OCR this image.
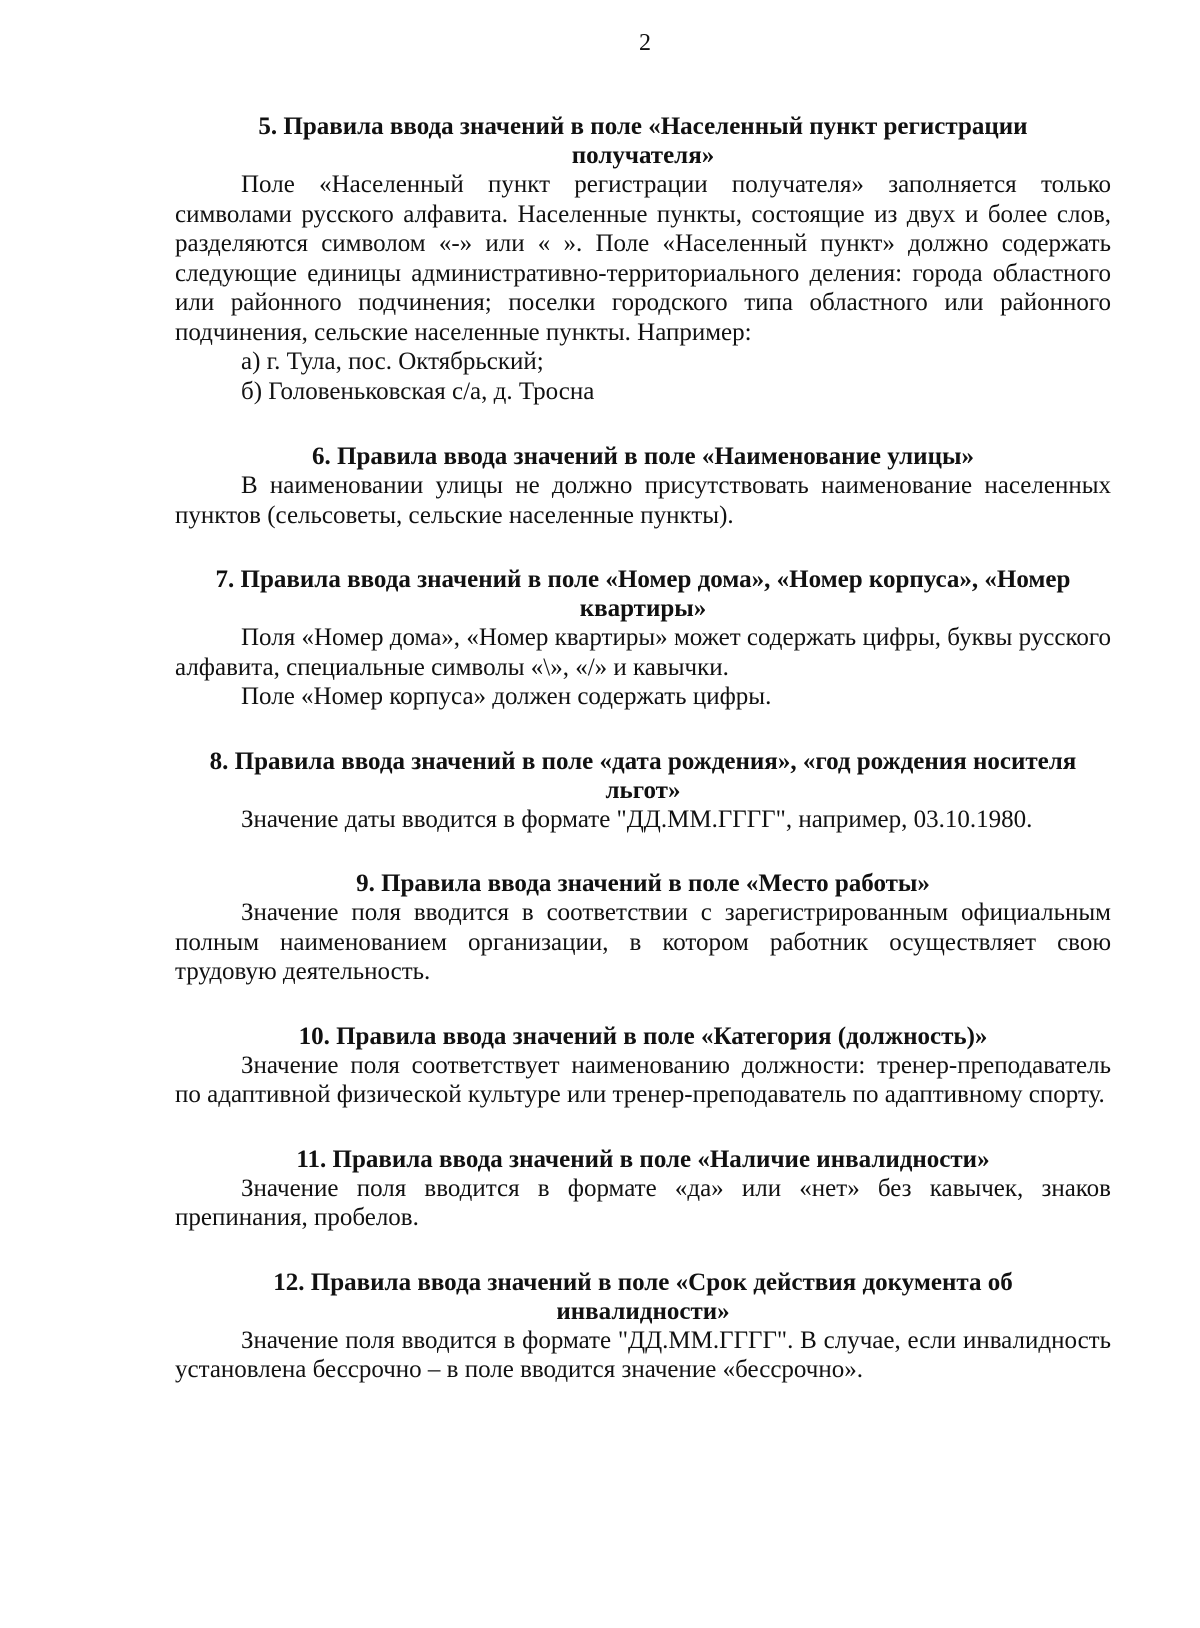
2

5. Правила ввода значений в поле «Населенный пункт регистрации получателя»

Поле «Населенный пункт регистрации получателя» заполняется только символами русского алфавита. Населенные пункты, состоящие из двух и более слов, разделяются символом «-» или « ». Поле «Населенный пункт» должно содержать следующие единицы административно-территориального деления: города областного или районного подчинения; поселки городского типа областного или районного подчинения, сельские населенные пункты. Например:

а) г. Тула, пос. Октябрьский;

б) Головеньковская с/а, д. Тросна

6. Правила ввода значений в поле «Наименование улицы»

В наименовании улицы не должно присутствовать наименование населенных пунктов (сельсоветы, сельские населенные пункты).

7. Правила ввода значений в поле «Номер дома», «Номер корпуса», «Номер квартиры»

Поля «Номер дома», «Номер квартиры» может содержать цифры, буквы русского алфавита, специальные символы «\», «/» и кавычки.

Поле «Номер корпуса» должен содержать цифры.

8. Правила ввода значений в поле «дата рождения», «год рождения носителя льгот»

Значение даты вводится в формате "ДД.ММ.ГГГГ", например, 03.10.1980.

9. Правила ввода значений в поле «Место работы»

Значение поля вводится в соответствии с зарегистрированным официальным полным наименованием организации, в котором работник осуществляет свою трудовую деятельность.

10. Правила ввода значений в поле «Категория (должность)»

Значение поля соответствует наименованию должности: тренер-преподаватель по адаптивной физической культуре или тренер-преподаватель по адаптивному спорту.

11. Правила ввода значений в поле «Наличие инвалидности»

Значение поля вводится в формате «да» или «нет» без кавычек, знаков препинания, пробелов.

12. Правила ввода значений в поле «Срок действия документа об инвалидности»

Значение поля вводится в формате "ДД.ММ.ГГГГ". В случае, если инвалидность установлена бессрочно – в поле вводится значение «бессрочно».
